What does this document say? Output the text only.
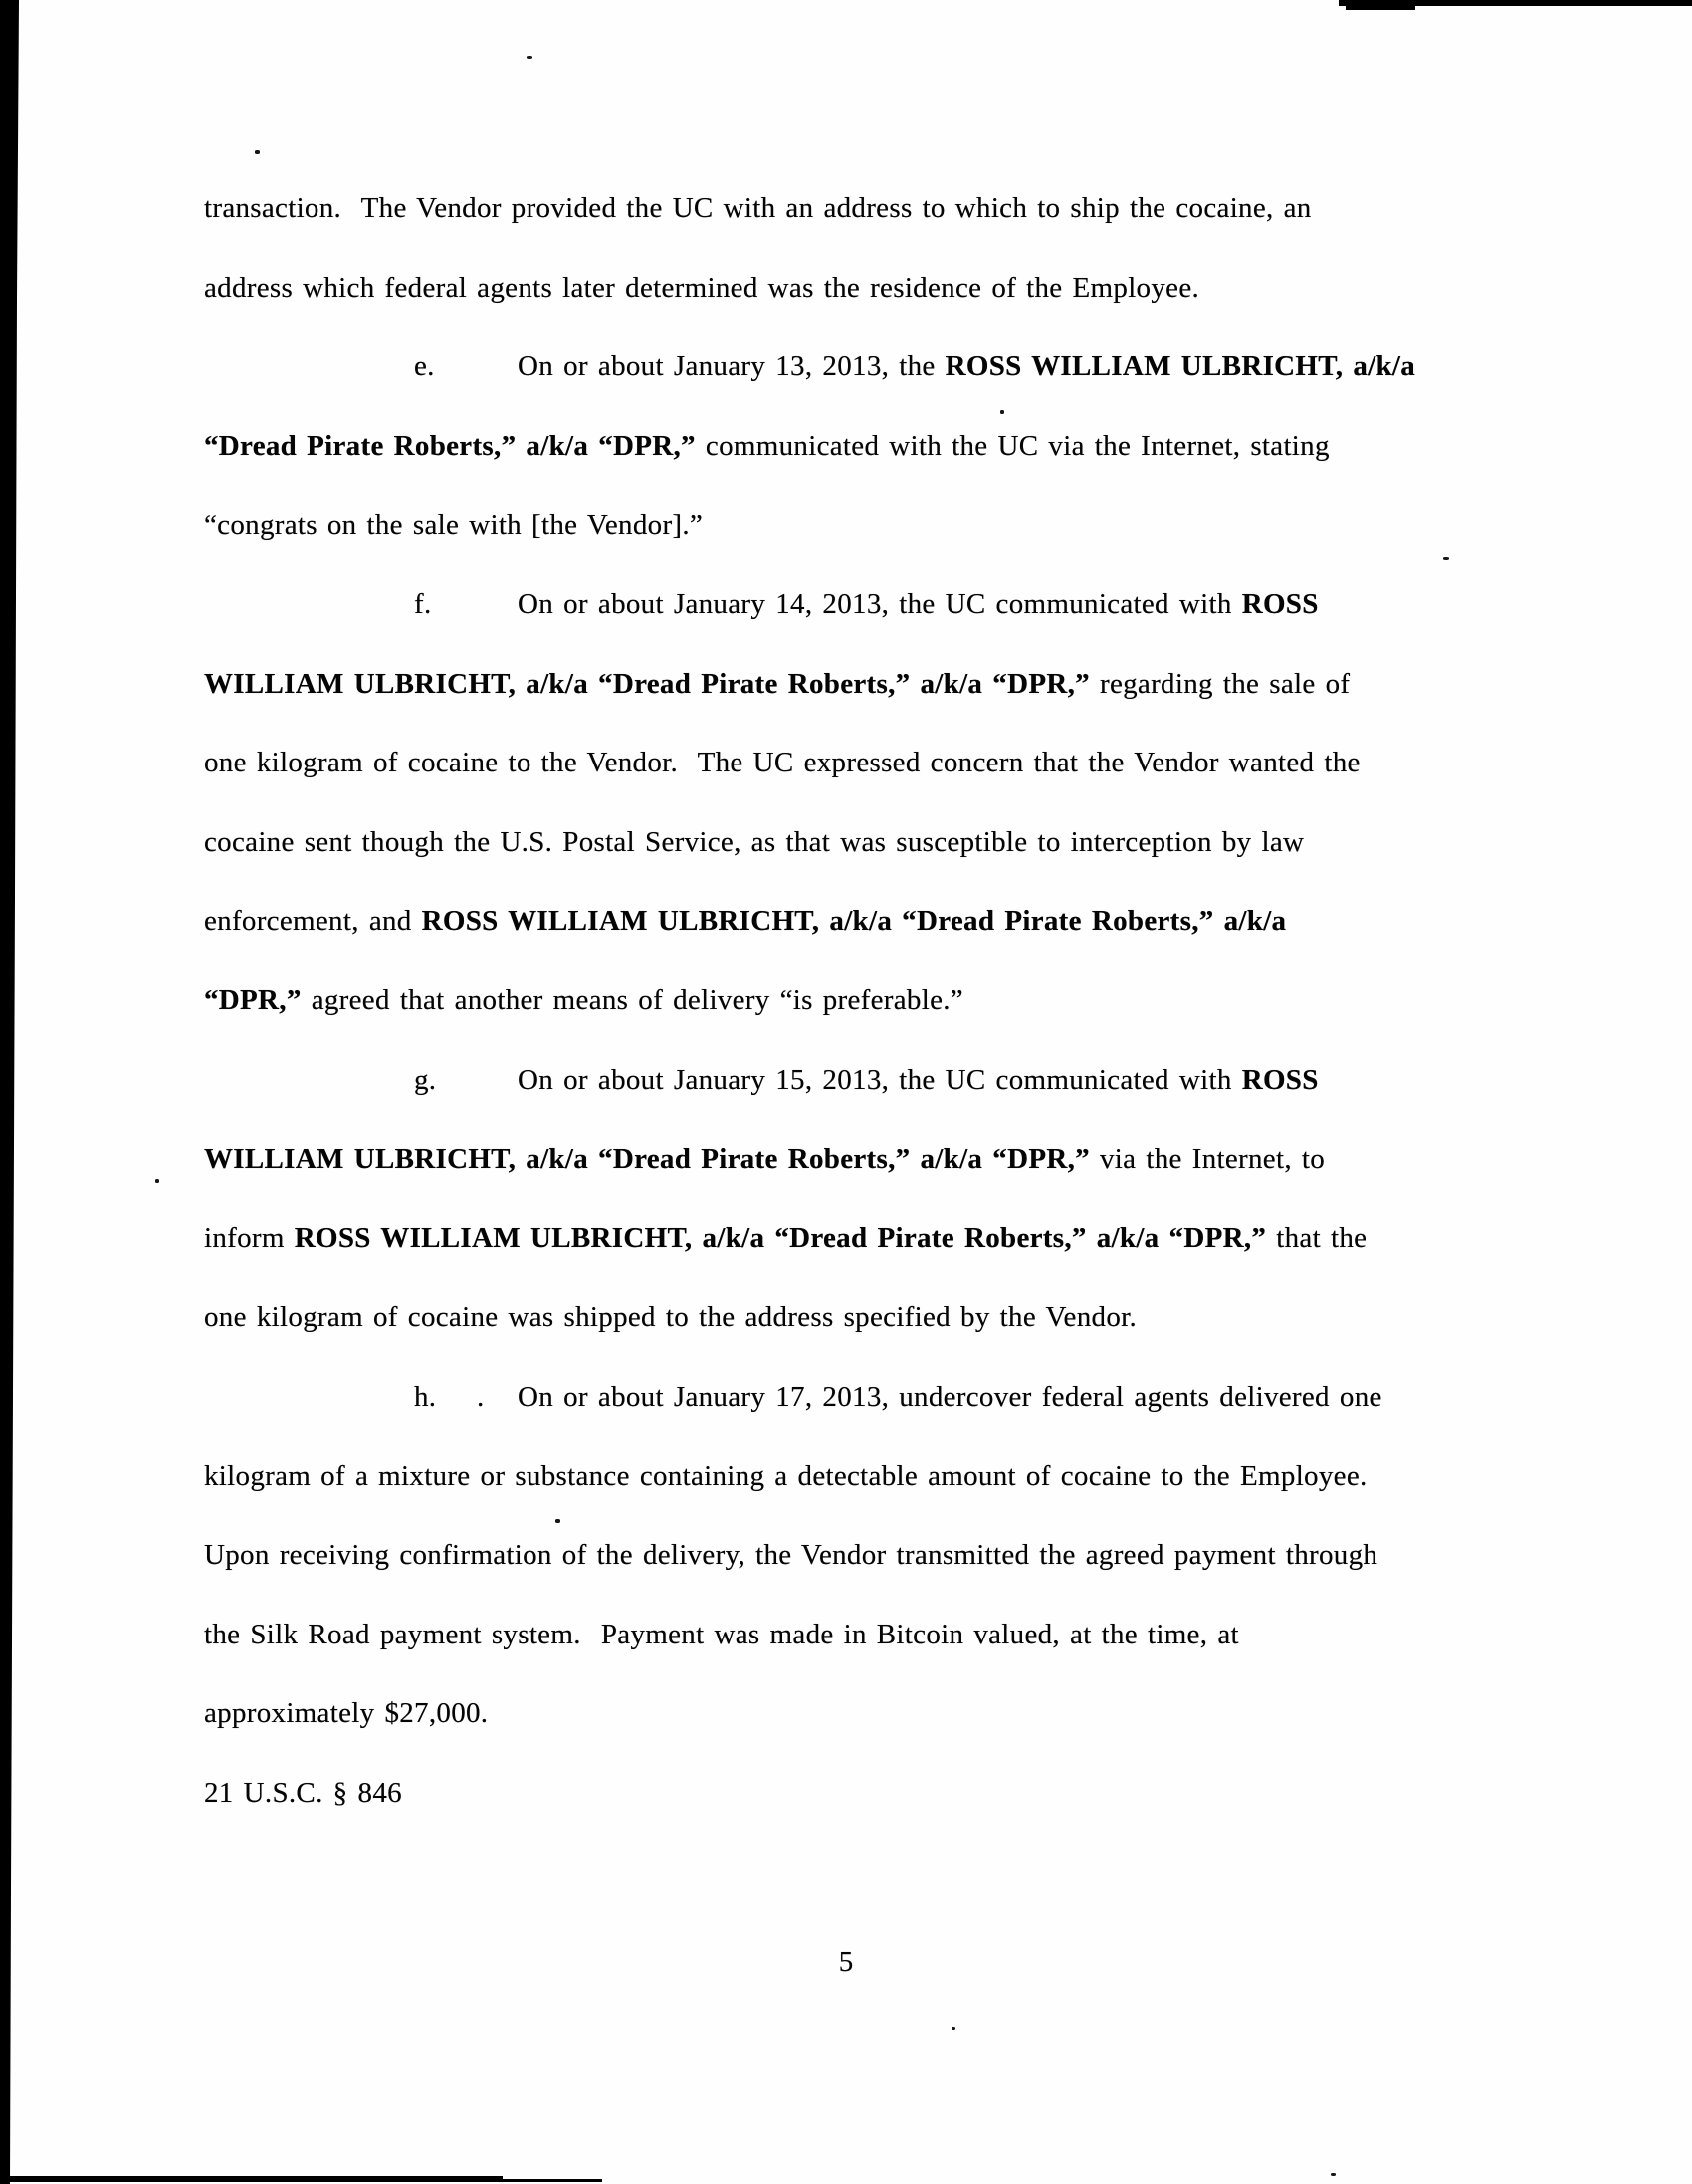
transaction.  The Vendor provided the UC with an address to which to ship the cocaine, an
address which federal agents later determined was the residence of the Employee.
e.	On or about January 13, 2013, the ROSS WILLIAM ULBRICHT, a/k/a
“Dread Pirate Roberts,” a/k/a “DPR,” communicated with the UC via the Internet, stating
“congrats on the sale with [the Vendor].”
f.	On or about January 14, 2013, the UC communicated with ROSS
WILLIAM ULBRICHT, a/k/a “Dread Pirate Roberts,” a/k/a “DPR,” regarding the sale of
one kilogram of cocaine to the Vendor.  The UC expressed concern that the Vendor wanted the
cocaine sent though the U.S. Postal Service, as that was susceptible to interception by law
enforcement, and ROSS WILLIAM ULBRICHT, a/k/a “Dread Pirate Roberts,” a/k/a
“DPR,” agreed that another means of delivery “is preferable.”
g.	On or about January 15, 2013, the UC communicated with ROSS
WILLIAM ULBRICHT, a/k/a “Dread Pirate Roberts,” a/k/a “DPR,” via the Internet, to
inform ROSS WILLIAM ULBRICHT, a/k/a “Dread Pirate Roberts,” a/k/a “DPR,” that the
one kilogram of cocaine was shipped to the address specified by the Vendor.
h. . On or about January 17, 2013, undercover federal agents delivered one
kilogram of a mixture or substance containing a detectable amount of cocaine to the Employee.
Upon receiving confirmation of the delivery, the Vendor transmitted the agreed payment through
the Silk Road payment system.  Payment was made in Bitcoin valued, at the time, at
approximately $27,000.
21 U.S.C. § 846
5
